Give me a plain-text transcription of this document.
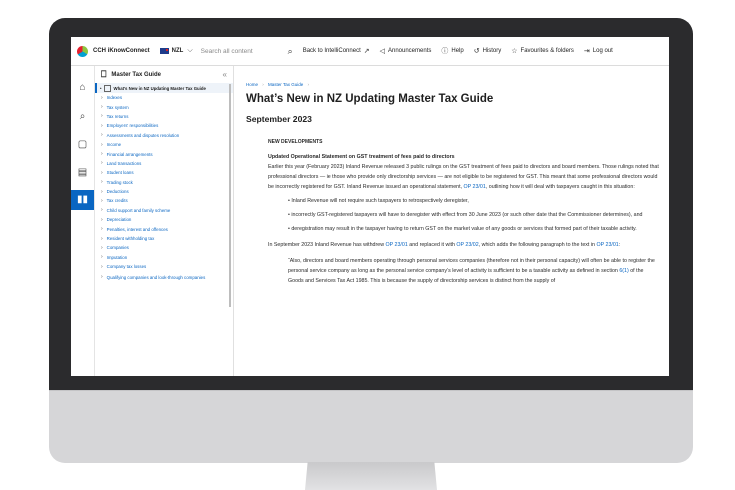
CCH iKnowConnect	NZL ⌵ Search all content	⌕ Back to IntelliConnect ↗ ◁ Announcements ⓘ Help ↺ History ☆ Favourites & folders ⇥ Log out
⌂
⌕
▢
▤
▮▮
⎕ Master Tax Guide	«
•	What's New in NZ Updating Master Tax Guide
› Indexes
› Tax system
› Tax returns
› Employers' responsibilities
› Assessments and disputes resolution
› Income
› Financial arrangements
› Land transactions
› Student loans
› Trading stock
› Deductions
› Tax credits
› Child support and family scheme
› Depreciation
› Penalties, interest and offences
› Resident withholding tax
› Companies
› Imputation
› Company tax losses
› Qualifying companies and look-through companies
Home › Master Tax Guide ›
What’s New in NZ Updating Master Tax Guide
September 2023

NEW DEVELOPMENTS

Updated Operational Statement on GST treatment of fees paid to directors

Earlier this year (February 2023) Inland Revenue released 3 public rulings on the GST treatment of fees paid to directors and board members. Those rulings noted that professional directors — ie those who provide only directorship services — are not eligible to be registered for GST. This meant that some professional directors would be incorrectly registered for GST. Inland Revenue issued an operational statement, OP 23/01, outlining how it will deal with taxpayers caught in this situation:

• Inland Revenue will not require such taxpayers to retrospectively deregister,

• incorrectly GST-registered taxpayers will have to deregister with effect from 30 June 2023 (or such other date that the Commissioner determines), and

• deregistration may result in the taxpayer having to return GST on the market value of any goods or services that formed part of their taxable activity.

In September 2023 Inland Revenue has withdrew OP 23/01 and replaced it with OP 23/02, which adds the following paragraph to the text in OP 23/01:

“Also, directors and board members operating through personal services companies (therefore not in their personal capacity) will often be able to register the personal service company as long as the personal service company’s level of activity is sufficient to be a taxable activity as defined in section 6(1) of the Goods and Services Tax Act 1985. This is because the supply of directorship services is distinct from the supply of
